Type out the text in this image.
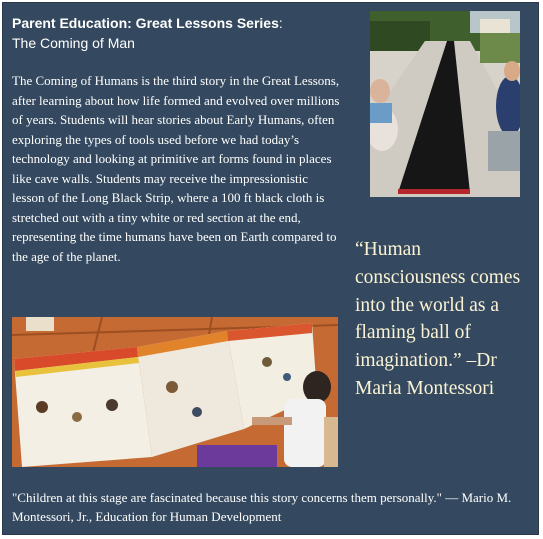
Parent Education: Great Lessons Series:
The Coming of Man

The Coming of Humans is the third story in the Great Lessons, after learning about how life formed and evolved over millions of years. Students will hear stories about Early Humans, often exploring the types of tools used before we had today’s technology and looking at primitive art forms found in places like cave walls. Students may receive the impressionistic lesson of the Long Black Strip, where a 100 ft black cloth is stretched out with a tiny white or red section at the end, representing the time humans have been on Earth compared to the age of the planet.	“Human consciousness comes into the world as a flaming ball of imagination.” –Dr Maria Montessori
"Children at this stage are fascinated because this story concerns them personally." — Mario M. Montessori, Jr., Education for Human Development
